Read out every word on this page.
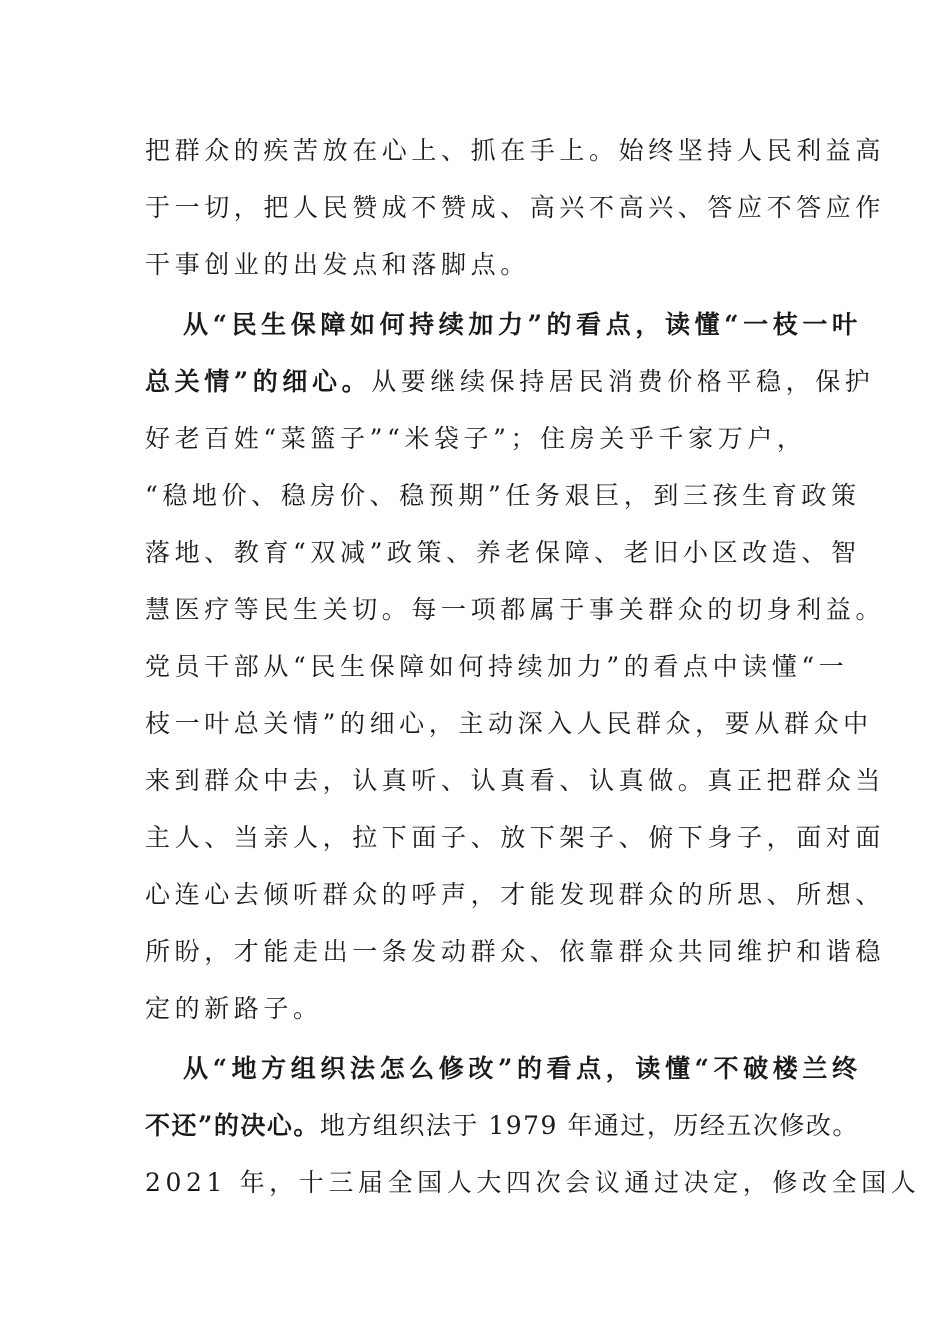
把群众的疾苦放在心上、抓在手上。始终坚持人民利益高
于一切，把人民赞成不赞成、高兴不高兴、答应不答应作
干事创业的出发点和落脚点。
从“民生保障如何持续加力”的看点，读懂“一枝一叶
总关情”的细心。从要继续保持居民消费价格平稳，保护
好老百姓“菜篮子”“米袋子”；住房关乎千家万户，
“稳地价、稳房价、稳预期”任务艰巨，到三孩生育政策
落地、教育“双减”政策、养老保障、老旧小区改造、智
慧医疗等民生关切。每一项都属于事关群众的切身利益。
党员干部从“民生保障如何持续加力”的看点中读懂“一
枝一叶总关情”的细心，主动深入人民群众，要从群众中
来到群众中去，认真听、认真看、认真做。真正把群众当
主人、当亲人，拉下面子、放下架子、俯下身子，面对面
心连心去倾听群众的呼声，才能发现群众的所思、所想、
所盼，才能走出一条发动群众、依靠群众共同维护和谐稳
定的新路子。
从“地方组织法怎么修改”的看点，读懂“不破楼兰终
不还”的决心。地方组织法于 1979 年通过，历经五次修改。
2021 年，十三届全国人大四次会议通过决定，修改全国人
